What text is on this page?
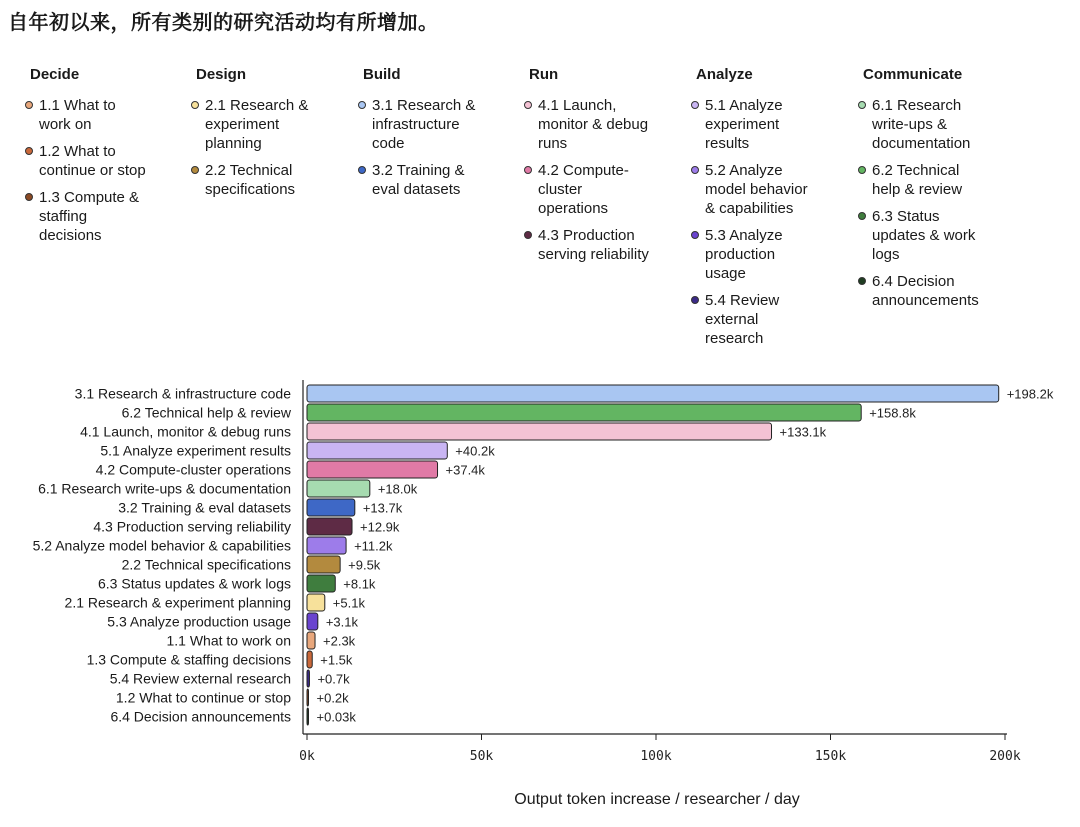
自年初以来，所有类别的研究活动均有所增加。
Decide
1.1 What to work on
1.2 What to continue or stop
1.3 Compute & staffing decisions
Design
2.1 Research & experiment planning
2.2 Technical specifications
Build
3.1 Research & infrastructure code
3.2 Training & eval datasets
Run
4.1 Launch, monitor & debug runs
4.2 Compute-cluster operations
4.3 Production serving reliability
Analyze
5.1 Analyze experiment results
5.2 Analyze model behavior & capabilities
5.3 Analyze production usage
5.4 Review external research
Communicate
6.1 Research write-ups & documentation
6.2 Technical help & review
6.3 Status updates & work logs
6.4 Decision announcements
3.1 Research & infrastructure code	+198.2k
6.2 Technical help & review	+158.8k
4.1 Launch, monitor & debug runs	+133.1k
5.1 Analyze experiment results	+40.2k
4.2 Compute-cluster operations	+37.4k
6.1 Research write-ups & documentation	+18.0k
3.2 Training & eval datasets	+13.7k
4.3 Production serving reliability	+12.9k
5.2 Analyze model behavior & capabilities	+11.2k
2.2 Technical specifications	+9.5k
6.3 Status updates & work logs	+8.1k
2.1 Research & experiment planning	+5.1k
5.3 Analyze production usage	+3.1k
1.1 What to work on +2.3k
1.3 Compute & staffing decisions +1.5k
5.4 Review external research +0.7k
1.2 What to continue or stop +0.2k
6.4 Decision announcements +0.03k
0k	50k	100k	150k	200k
Output token increase / researcher / day
